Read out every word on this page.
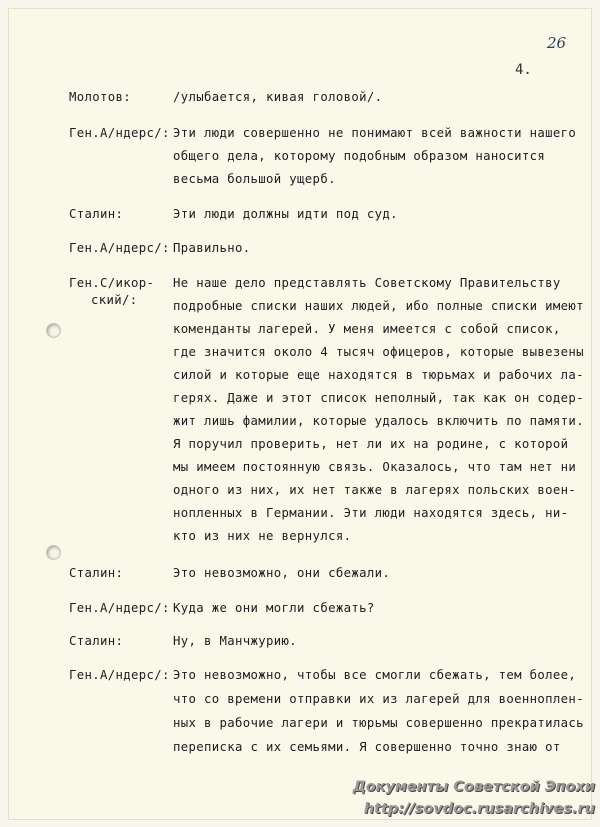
26
4.
Молотов:	/улыбается, кивая головой/.
Ген.А/ндерс/: Эти люди совершенно не понимают всей важности нашего
общего дела, которому подобным образом наносится
весьма большой ущерб.
Сталин:	Эти люди должны идти под суд.
Ген.А/ндерс/: Правильно.
Ген.С/икор-
ский/:
Не наше дело представлять Советскому Правительству
подробные списки наших людей, ибо полные списки имеют
коменданты лагерей. У меня имеется с собой список,
где значится около 4 тысяч офицеров, которые вывезены
силой и которые еще находятся в тюрьмах и рабочих ла-
герях. Даже и этот список неполный, так как он содер-
жит лишь фамилии, которые удалось включить по памяти.
Я поручил проверить, нет ли их на родине, с которой
мы имеем постоянную связь. Оказалось, что там нет ни
одного из них, их нет также в лагерях польских воен-
нопленных в Германии. Эти люди находятся здесь, ни-
кто из них не вернулся.
Сталин:	Это невозможно, они сбежали.
Ген.А/ндерс/: Куда же они могли сбежать?
Сталин:	Ну, в Манчжурию.
Ген.А/ндерс/: Это невозможно, чтобы все смогли сбежать, тем более,
что со времени отправки их из лагерей для военноплен-
ных в рабочие лагери и тюрьмы совершенно прекратилась
переписка с их семьями. Я совершенно точно знаю от
Документы Советской Эпохи
http://sovdoc.rusarchives.ru
